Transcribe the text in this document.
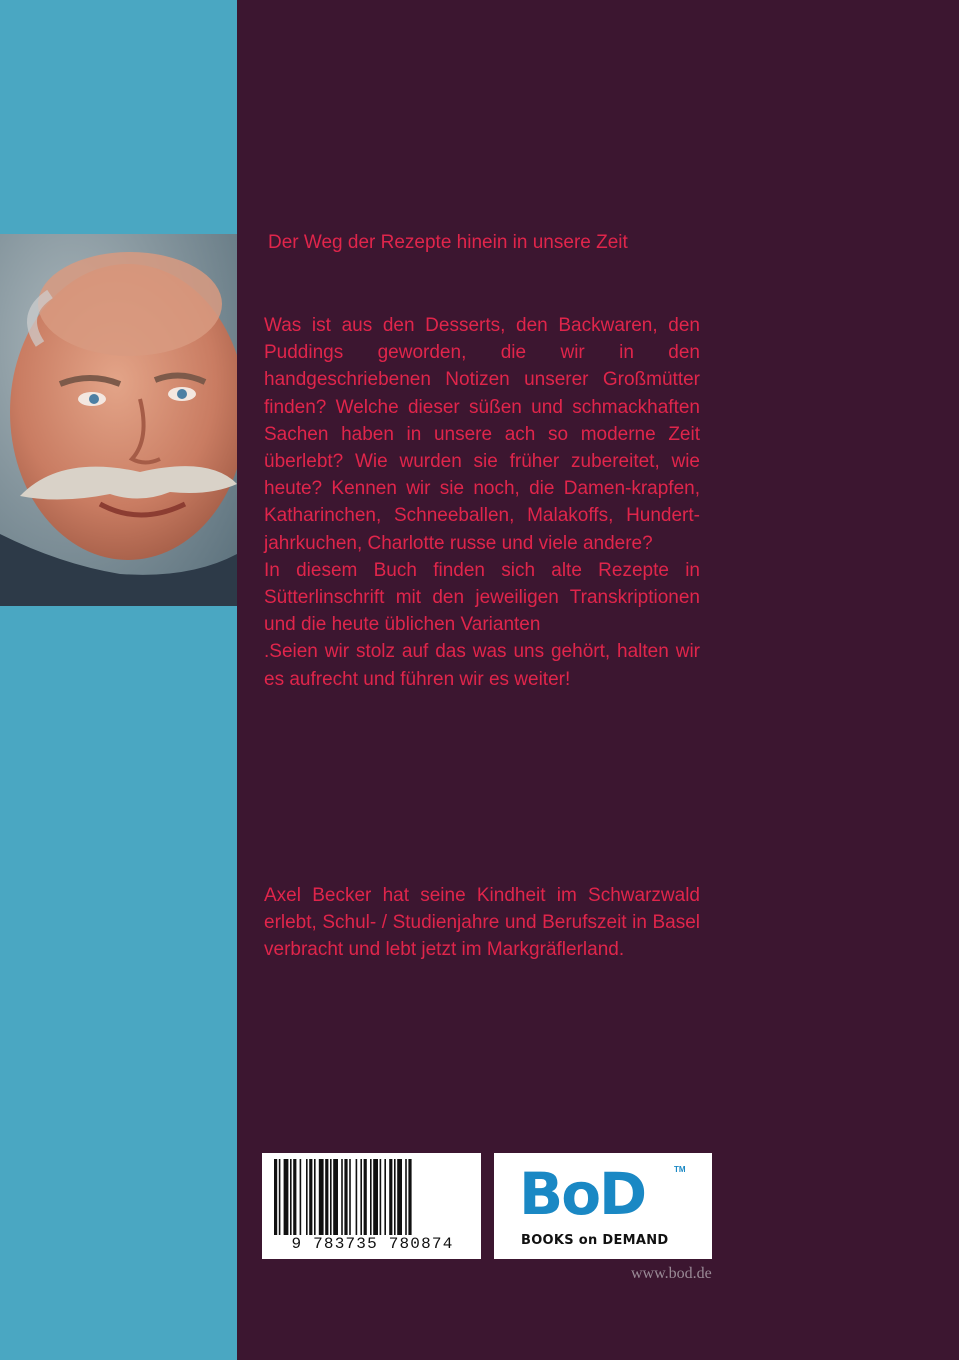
Der Weg der Rezepte hinein in unsere Zeit

Was ist aus den Desserts, den Backwaren, den Puddings geworden, die wir in den handgeschriebenen Notizen unserer Großmütter finden? Welche dieser süßen und schmackhaften Sachen haben in unsere ach so moderne Zeit überlebt? Wie wurden sie früher zubereitet, wie heute? Kennen wir sie noch, die Damen-krapfen, Katharinchen, Schneeballen, Malakoffs, Hundert-jahrkuchen, Charlotte russe und viele andere?

In diesem Buch finden sich alte Rezepte in Sütterlinschrift mit den jeweiligen Transkriptionen und die heute üblichen Varianten

.Seien wir stolz auf das was uns gehört, halten wir es aufrecht und führen wir es weiter!

Axel Becker hat seine Kindheit im Schwarzwald erlebt, Schul- / Studienjahre und Berufszeit in Basel verbracht und lebt jetzt im Markgräflerland.
9 783735 780874
BoD	TM
BOOKS on DEMAND
www.bod.de
